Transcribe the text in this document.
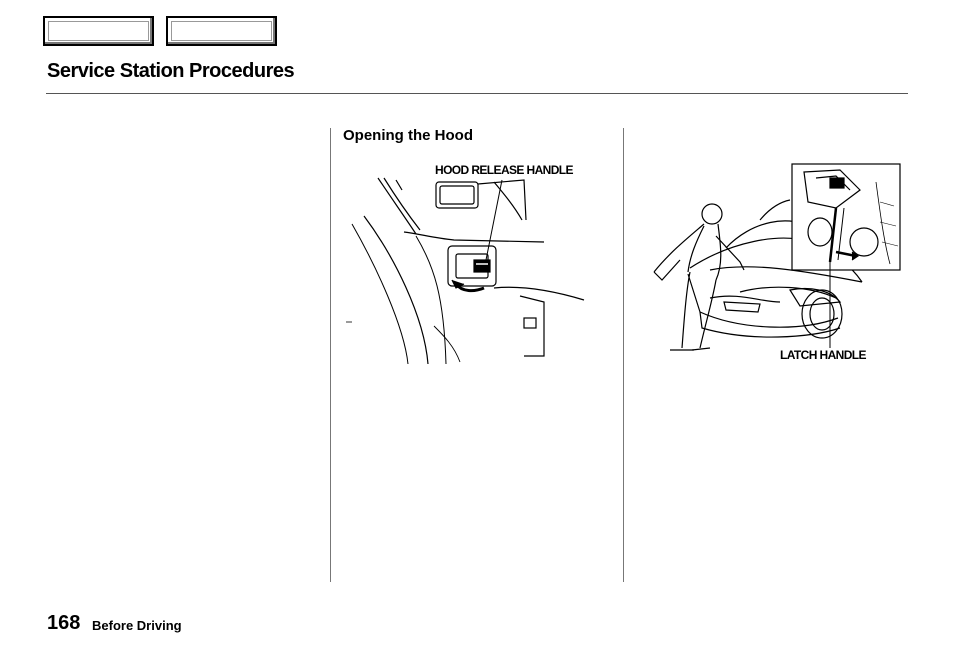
Service Station Procedures
Opening the Hood
HOOD RELEASE HANDLE
LATCH HANDLE
168 Before Driving
